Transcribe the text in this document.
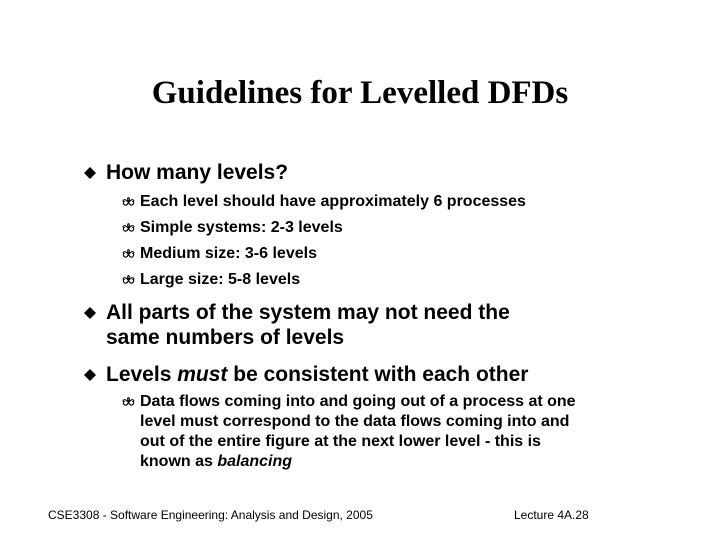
Guidelines for Levelled DFDs
How many levels?
Each level should have approximately 6 processes
Simple systems: 2-3 levels
Medium size: 3-6 levels
Large size: 5-8 levels
All parts of the system may not need the
same numbers of levels
Levels must be consistent with each other
Data flows coming into and going out of a process at one
level must correspond to the data flows coming into and
out of the entire figure at the next lower level - this is
known as balancing
CSE3308 - Software Engineering: Analysis and Design, 2005	Lecture 4A.28
